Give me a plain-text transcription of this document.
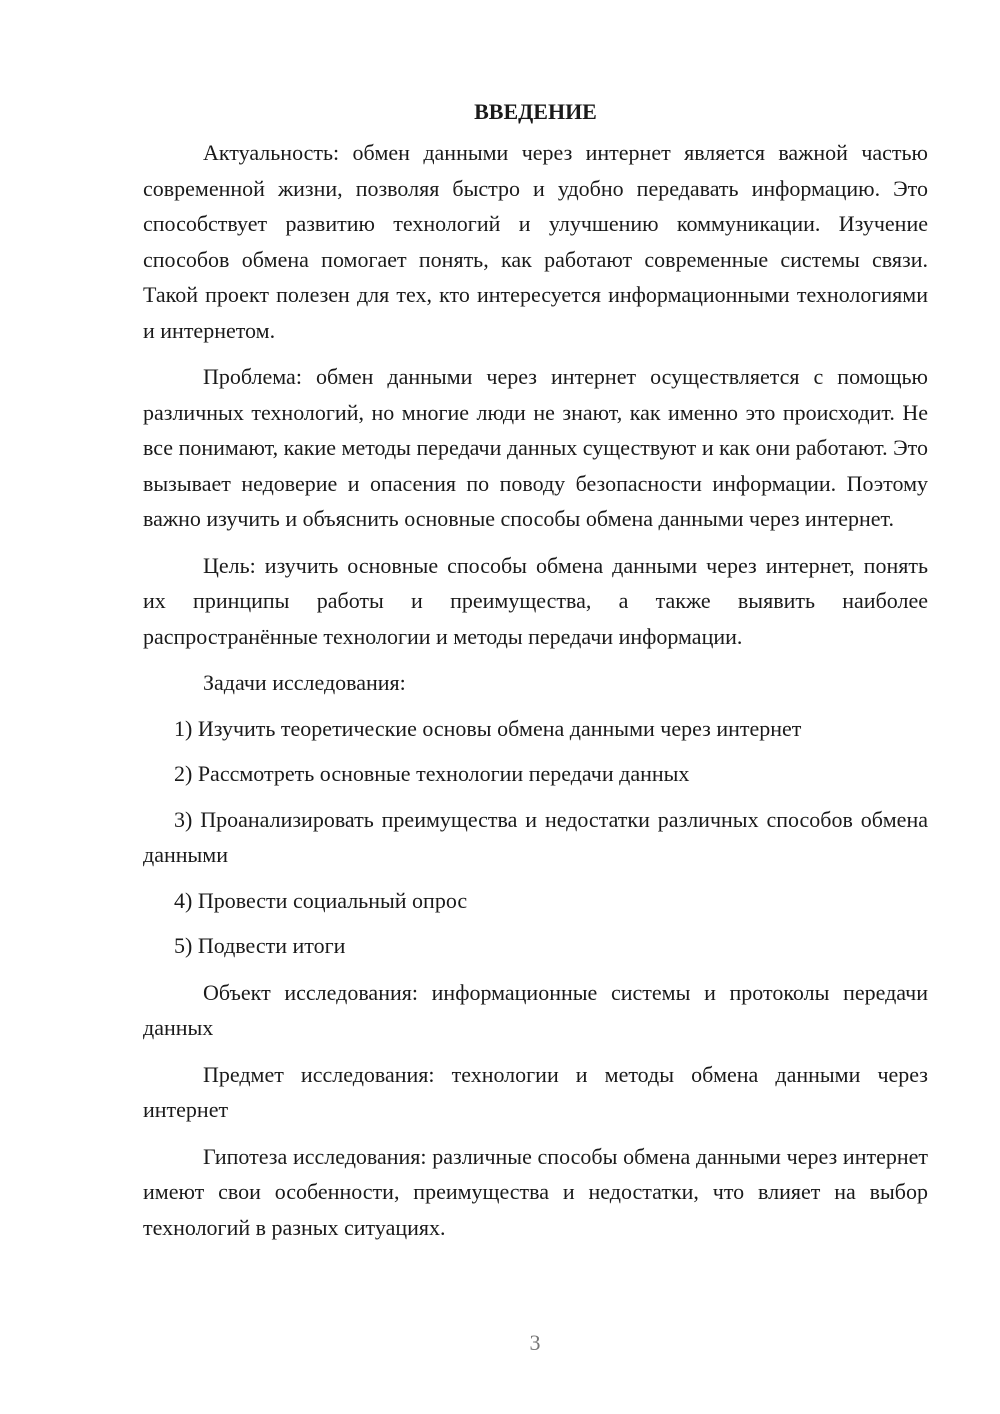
ВВЕДЕНИЕ

Актуальность: обмен данными через интернет является важной частью современной жизни, позволяя быстро и удобно передавать информацию. Это способствует развитию технологий и улучшению коммуникации. Изучение способов обмена помогает понять, как работают современные системы связи. Такой проект полезен для тех, кто интересуется информационными технологиями и интернетом.

Проблема: обмен данными через интернет осуществляется с помощью различных технологий, но многие люди не знают, как именно это происходит. Не все понимают, какие методы передачи данных существуют и как они работают. Это вызывает недоверие и опасения по поводу безопасности информации. Поэтому важно изучить и объяснить основные способы обмена данными через интернет.

Цель: изучить основные способы обмена данными через интернет, понять их принципы работы и преимущества, а также выявить наиболее распространённые технологии и методы передачи информации.

Задачи исследования:

1) Изучить теоретические основы обмена данными через интернет

2) Рассмотреть основные технологии передачи данных

3) Проанализировать преимущества и недостатки различных способов обмена данными

4) Провести социальный опрос

5) Подвести итоги

Объект исследования: информационные системы и протоколы передачи данных

Предмет исследования: технологии и методы обмена данными через интернет

Гипотеза исследования: различные способы обмена данными через интернет имеют свои особенности, преимущества и недостатки, что влияет на выбор технологий в разных ситуациях.

3
